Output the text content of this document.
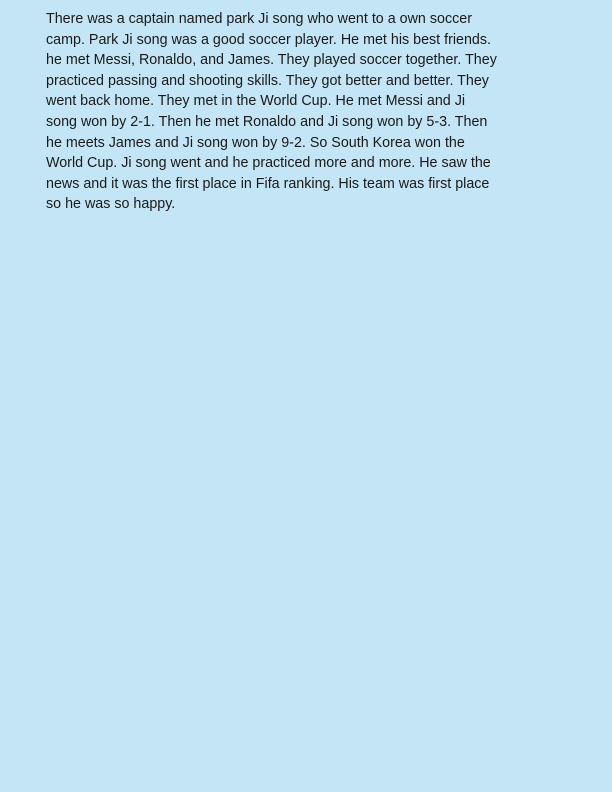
There was a captain named park Ji song who went to a own soccer
camp. Park Ji song was a good soccer player. He met his best friends.
he met Messi, Ronaldo, and James. They played soccer together. They
practiced passing and shooting skills. They got better and better. They
went back home. They met in the World Cup. He met Messi and Ji
song won by 2-1. Then he met Ronaldo and Ji song won by 5-3. Then
he meets James and Ji song won by 9-2. So South Korea won the
World Cup. Ji song went and he practiced more and more. He saw the
news and it was the first place in Fifa ranking. His team was first place
so he was so happy.
